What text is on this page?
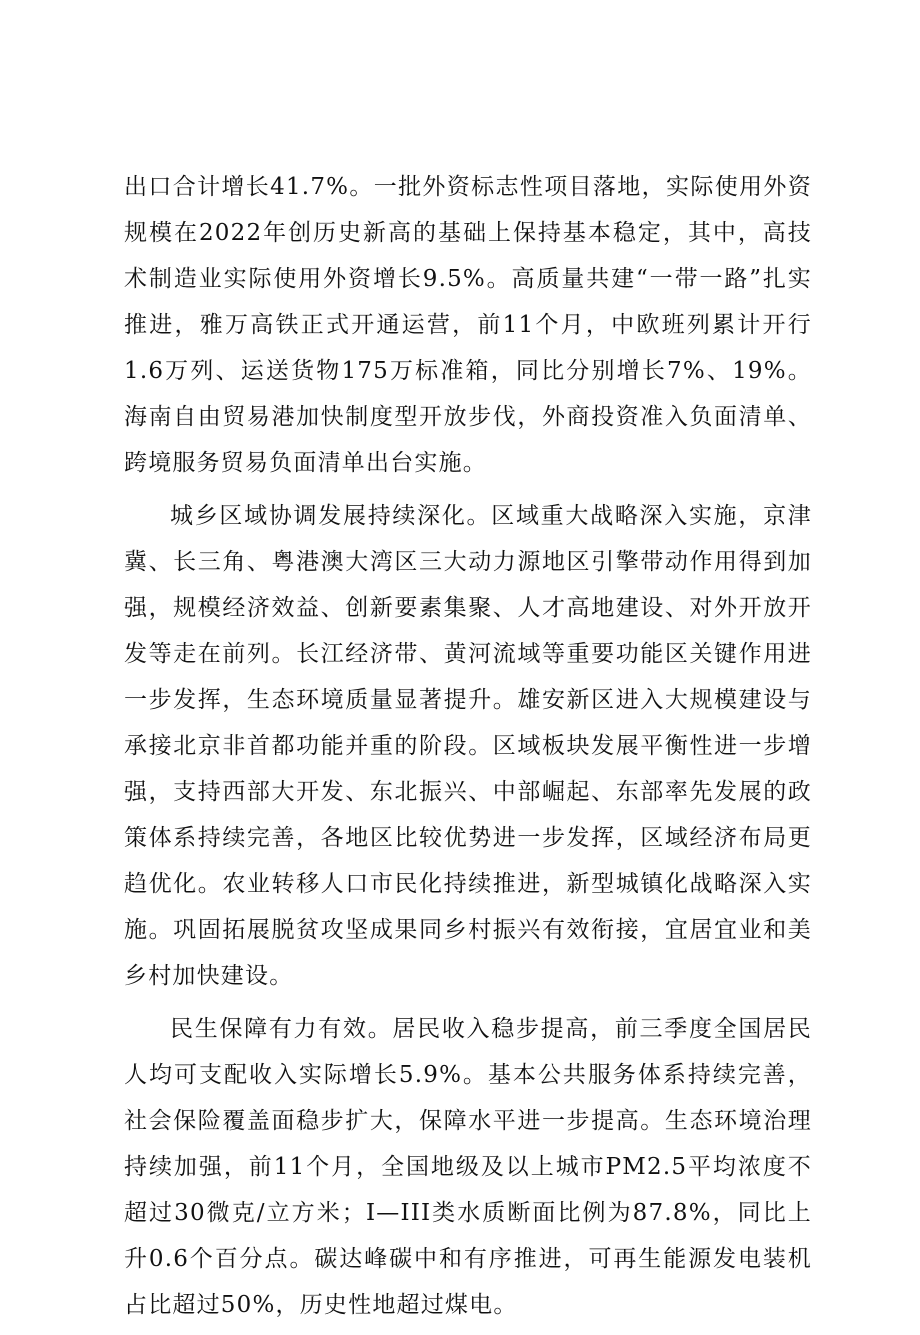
出口合计增长41.7%。一批外资标志性项目落地，实际使用外资规模在2022年创历史新高的基础上保持基本稳定，其中，高技术制造业实际使用外资增长9.5%。高质量共建“一带一路”扎实推进，雅万高铁正式开通运营，前11个月，中欧班列累计开行1.6万列、运送货物175万标准箱，同比分别增长7%、19%。海南自由贸易港加快制度型开放步伐，外商投资准入负面清单、跨境服务贸易负面清单出台实施。

城乡区域协调发展持续深化。区域重大战略深入实施，京津冀、长三角、粤港澳大湾区三大动力源地区引擎带动作用得到加强，规模经济效益、创新要素集聚、人才高地建设、对外开放开发等走在前列。长江经济带、黄河流域等重要功能区关键作用进一步发挥，生态环境质量显著提升。雄安新区进入大规模建设与承接北京非首都功能并重的阶段。区域板块发展平衡性进一步增强，支持西部大开发、东北振兴、中部崛起、东部率先发展的政策体系持续完善，各地区比较优势进一步发挥，区域经济布局更趋优化。农业转移人口市民化持续推进，新型城镇化战略深入实施。巩固拓展脱贫攻坚成果同乡村振兴有效衔接，宜居宜业和美乡村加快建设。

民生保障有力有效。居民收入稳步提高，前三季度全国居民人均可支配收入实际增长5.9%。基本公共服务体系持续完善，社会保险覆盖面稳步扩大，保障水平进一步提高。生态环境治理持续加强，前11个月，全国地级及以上城市PM2.5平均浓度不超过30微克/立方米；I—III类水质断面比例为87.8%，同比上升0.6个百分点。碳达峰碳中和有序推进，可再生能源发电装机占比超过50%，历史性地超过煤电。
